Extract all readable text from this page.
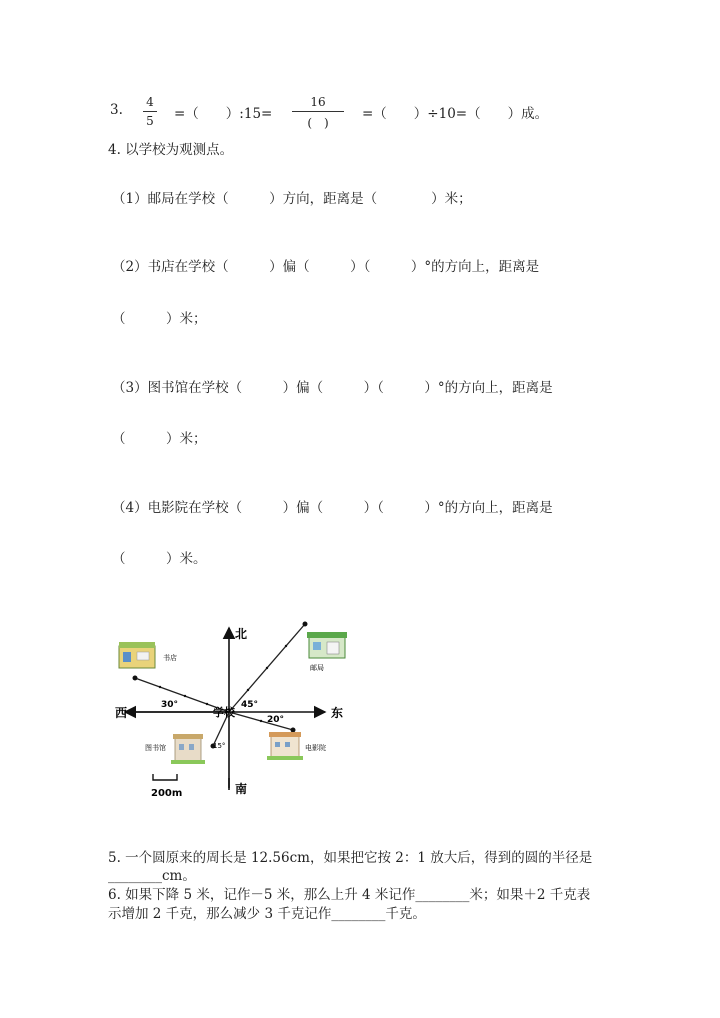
3. 4
5 =（　　）:15=
16
(　)
=（　　）÷10=（　　）成。
4. 以学校为观测点。
（1）邮局在学校（　　　）方向，距离是（　　　　）米；
（2）书店在学校（　　　）偏（　　　）（　　　）°的方向上，距离是
（　　　）米；
（3）图书馆在学校（　　　）偏（　　　）（　　　）°的方向上，距离是
（　　　）米；
（4）电影院在学校（　　　）偏（　　　）（　　　）°的方向上，距离是
（　　　）米。
北
南
东
西	学校
30°	45°
20°
15°
书店
邮局
图书馆	电影院
200m
5. 一个圆原来的周长是 12.56cm，如果把它按 2：1 放大后，得到的圆的半径是
________cm。
6. 如果下降 5 米，记作－5 米，那么上升 4 米记作________米；如果＋2 千克表
示增加 2 千克，那么减少 3 千克记作________千克。
